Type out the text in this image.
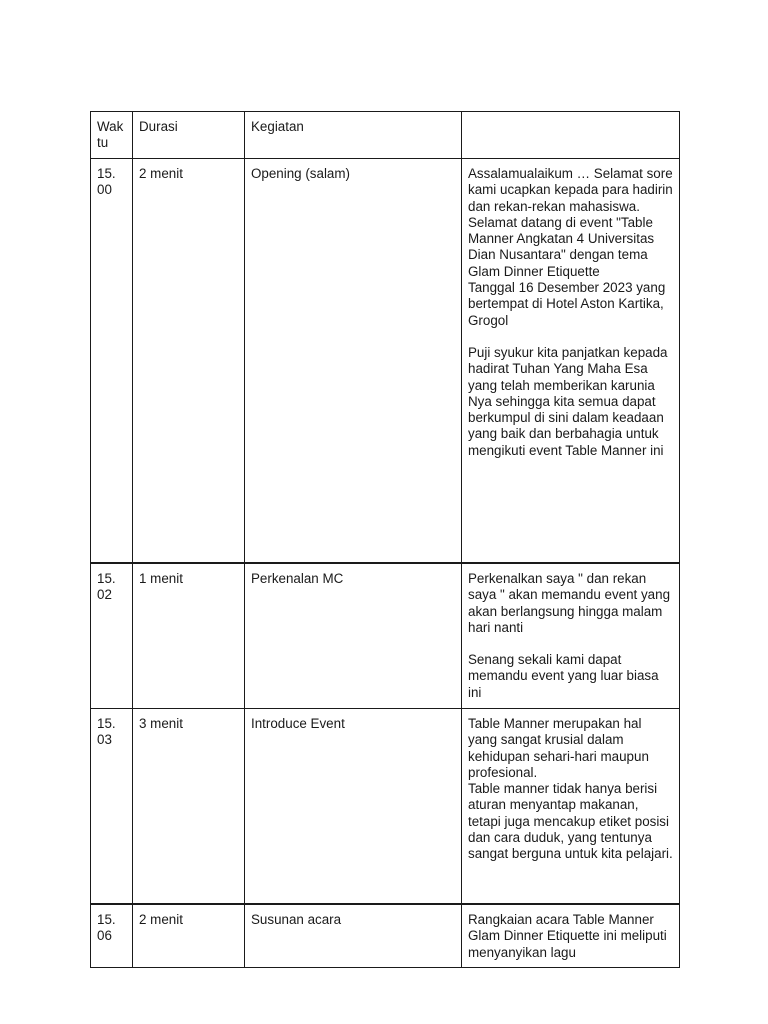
Wak
tu	Durasi	Kegiatan	

15.
00	2 menit	Opening (salam)	Assalamualaikum … Selamat sore kami ucapkan kepada para hadirin dan rekan-rekan mahasiswa.
Selamat datang di event "Table Manner Angkatan 4 Universitas Dian Nusantara" dengan tema Glam Dinner Etiquette
Tanggal 16 Desember 2023 yang bertempat di Hotel Aston Kartika, Grogol
Puji syukur kita panjatkan kepada hadirat Tuhan Yang Maha Esa yang telah memberikan karunia Nya sehingga kita semua dapat berkumpul di sini dalam keadaan yang baik dan berbahagia untuk mengikuti event Table Manner ini

15.
02	1 menit	Perkenalan MC	Perkenalkan saya " dan rekan saya " akan memandu event yang akan berlangsung hingga malam hari nanti
Senang sekali kami dapat memandu event yang luar biasa ini

15.
03	3 menit	Introduce Event	Table Manner merupakan hal yang sangat krusial dalam kehidupan sehari-hari maupun profesional.
Table manner tidak hanya berisi aturan menyantap makanan, tetapi juga mencakup etiket posisi dan cara duduk, yang tentunya sangat berguna untuk kita pelajari.

15.
06	2 menit	Susunan acara	Rangkaian acara Table Manner Glam Dinner Etiquette ini meliputi menyanyikan lagu
